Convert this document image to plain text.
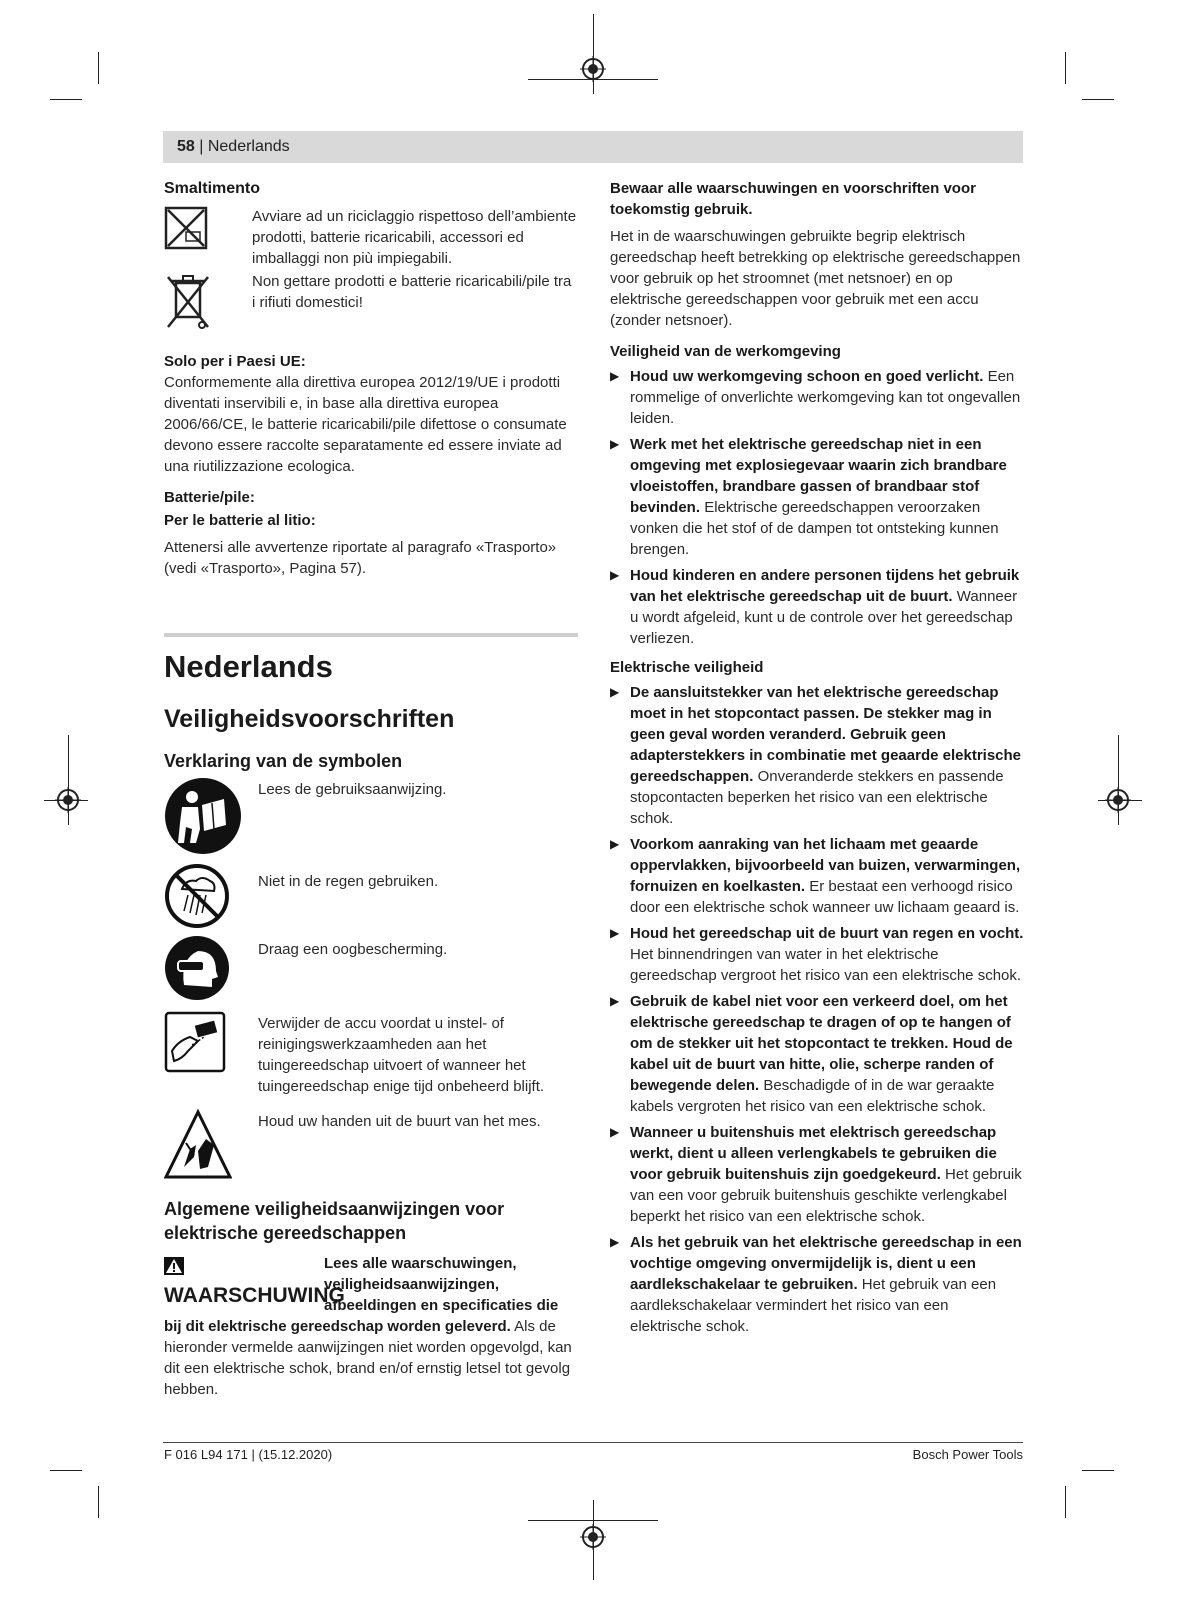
58 | Nederlands

Smaltimento

Avviare ad un riciclaggio rispettoso dell’ambiente prodotti, batterie ricaricabili, accessori ed imballaggi non più impiegabili.

Non gettare prodotti e batterie ricaricabili/pile tra i rifiuti domestici!

Solo per i Paesi UE:

Conformemente alla direttiva europea 2012/19/UE i prodotti diventati inservibili e, in base alla direttiva europea 2006/66/CE, le batterie ricaricabili/pile difettose o consumate devono essere raccolte separatamente ed essere inviate ad una riutilizzazione ecologica.

Batterie/pile:

Per le batterie al litio:

Attenersi alle avvertenze riportate al paragrafo «Trasporto» (vedi «Trasporto», Pagina 57).

Nederlands

Veiligheidsvoorschriften

Verklaring van de symbolen

Lees de gebruiksaanwijzing.

Niet in de regen gebruiken.

Draag een oogbescherming.

Verwijder de accu voordat u instel- of reinigingswerkzaamheden aan het tuingereedschap uitvoert of wanneer het tuingereedschap enige tijd onbeheerd blijft.

Houd uw handen uit de buurt van het mes.

Algemene veiligheidsaanwijzingen voor elektrische gereedschappen

WAARSCHUWING

Lees alle waarschuwingen, veiligheidsaanwijzingen, afbeeldingen en specificaties die bij dit elektrische gereedschap worden geleverd. Als de hieronder vermelde aanwijzingen niet worden opgevolgd, kan dit een elektrische schok, brand en/of ernstig letsel tot gevolg hebben.

Bewaar alle waarschuwingen en voorschriften voor toekomstig gebruik.

Het in de waarschuwingen gebruikte begrip elektrisch gereedschap heeft betrekking op elektrische gereedschappen voor gebruik op het stroomnet (met netsnoer) en op elektrische gereedschappen voor gebruik met een accu (zonder netsnoer).

Veiligheid van de werkomgeving

▶ Houd uw werkomgeving schoon en goed verlicht. Een rommelige of onverlichte werkomgeving kan tot ongevallen leiden.
▶ Werk met het elektrische gereedschap niet in een omgeving met explosiegevaar waarin zich brandbare vloeistoffen, brandbare gassen of brandbaar stof bevinden. Elektrische gereedschappen veroorzaken vonken die het stof of de dampen tot ontsteking kunnen brengen.
▶ Houd kinderen en andere personen tijdens het gebruik van het elektrische gereedschap uit de buurt. Wanneer u wordt afgeleid, kunt u de controle over het gereedschap verliezen.

Elektrische veiligheid

▶ De aansluitstekker van het elektrische gereedschap moet in het stopcontact passen. De stekker mag in geen geval worden veranderd. Gebruik geen adapterstekkers in combinatie met geaarde elektrische gereedschappen. Onveranderde stekkers en passende stopcontacten beperken het risico van een elektrische schok.
▶ Voorkom aanraking van het lichaam met geaarde oppervlakken, bijvoorbeeld van buizen, verwarmingen, fornuizen en koelkasten. Er bestaat een verhoogd risico door een elektrische schok wanneer uw lichaam geaard is.
▶ Houd het gereedschap uit de buurt van regen en vocht. Het binnendringen van water in het elektrische gereedschap vergroot het risico van een elektrische schok.
▶ Gebruik de kabel niet voor een verkeerd doel, om het elektrische gereedschap te dragen of op te hangen of om de stekker uit het stopcontact te trekken. Houd de kabel uit de buurt van hitte, olie, scherpe randen of bewegende delen. Beschadigde of in de war geraakte kabels vergroten het risico van een elektrische schok.
▶ Wanneer u buitenshuis met elektrisch gereedschap werkt, dient u alleen verlengkabels te gebruiken die voor gebruik buitenshuis zijn goedgekeurd. Het gebruik van een voor gebruik buitenshuis geschikte verlengkabel beperkt het risico van een elektrische schok.
▶ Als het gebruik van het elektrische gereedschap in een vochtige omgeving onvermijdelijk is, dient u een aardlekschakelaar te gebruiken. Het gebruik van een aardlekschakelaar vermindert het risico van een elektrische schok.
F 016 L94 171 | (15.12.2020)	Bosch Power Tools
